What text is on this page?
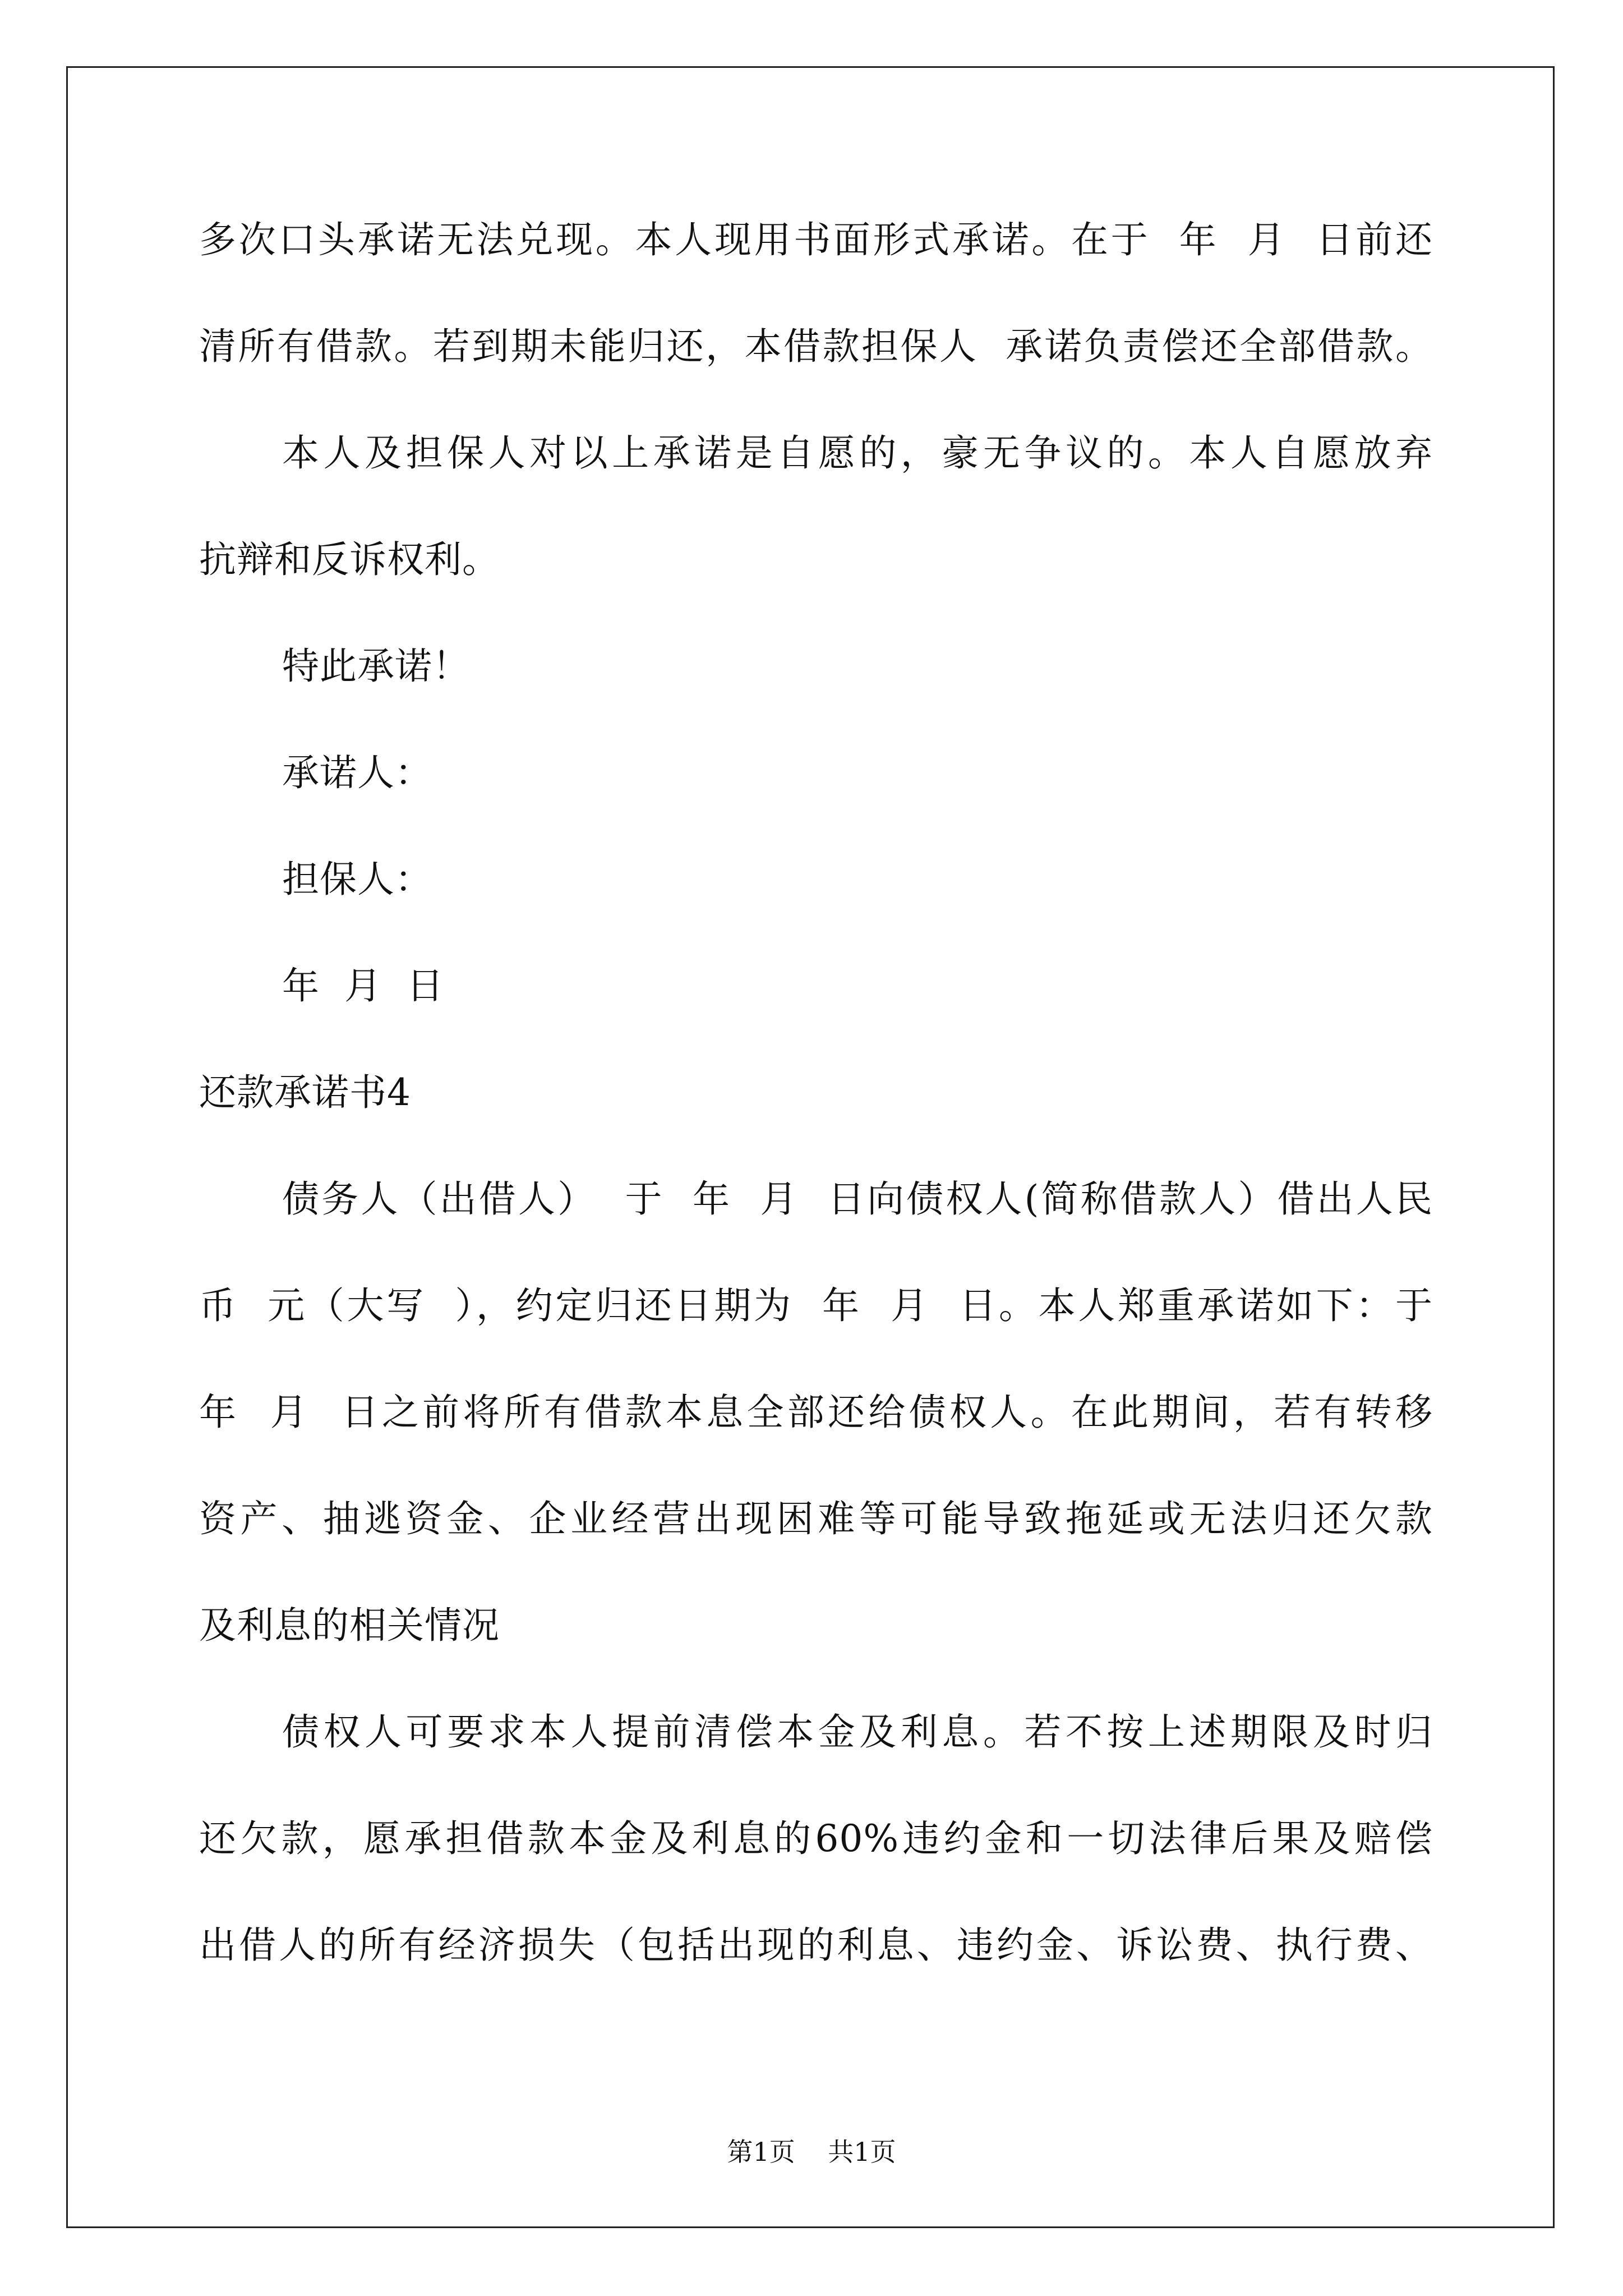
多次口头承诺无法兑现。本人现用书面形式承诺。在于  年  月  日前还
清所有借款。若到期未能归还，本借款担保人  承诺负责偿还全部借款。
本人及担保人对以上承诺是自愿的，豪无争议的。本人自愿放弃
抗辩和反诉权利。
特此承诺！
承诺人：
担保人：
年  月  日
还款承诺书4
债务人（出借人）  于  年  月  日向债权人(简称借款人）借出人民
币  元（大写  ），约定归还日期为  年  月  日。本人郑重承诺如下：于
年  月  日之前将所有借款本息全部还给债权人。在此期间，若有转移
资产、抽逃资金、企业经营出现困难等可能导致拖延或无法归还欠款
及利息的相关情况
债权人可要求本人提前清偿本金及利息。若不按上述期限及时归
还欠款，愿承担借款本金及利息的60%违约金和一切法律后果及赔偿
出借人的所有经济损失（包括出现的利息、违约金、诉讼费、执行费、
第1页    共1页
